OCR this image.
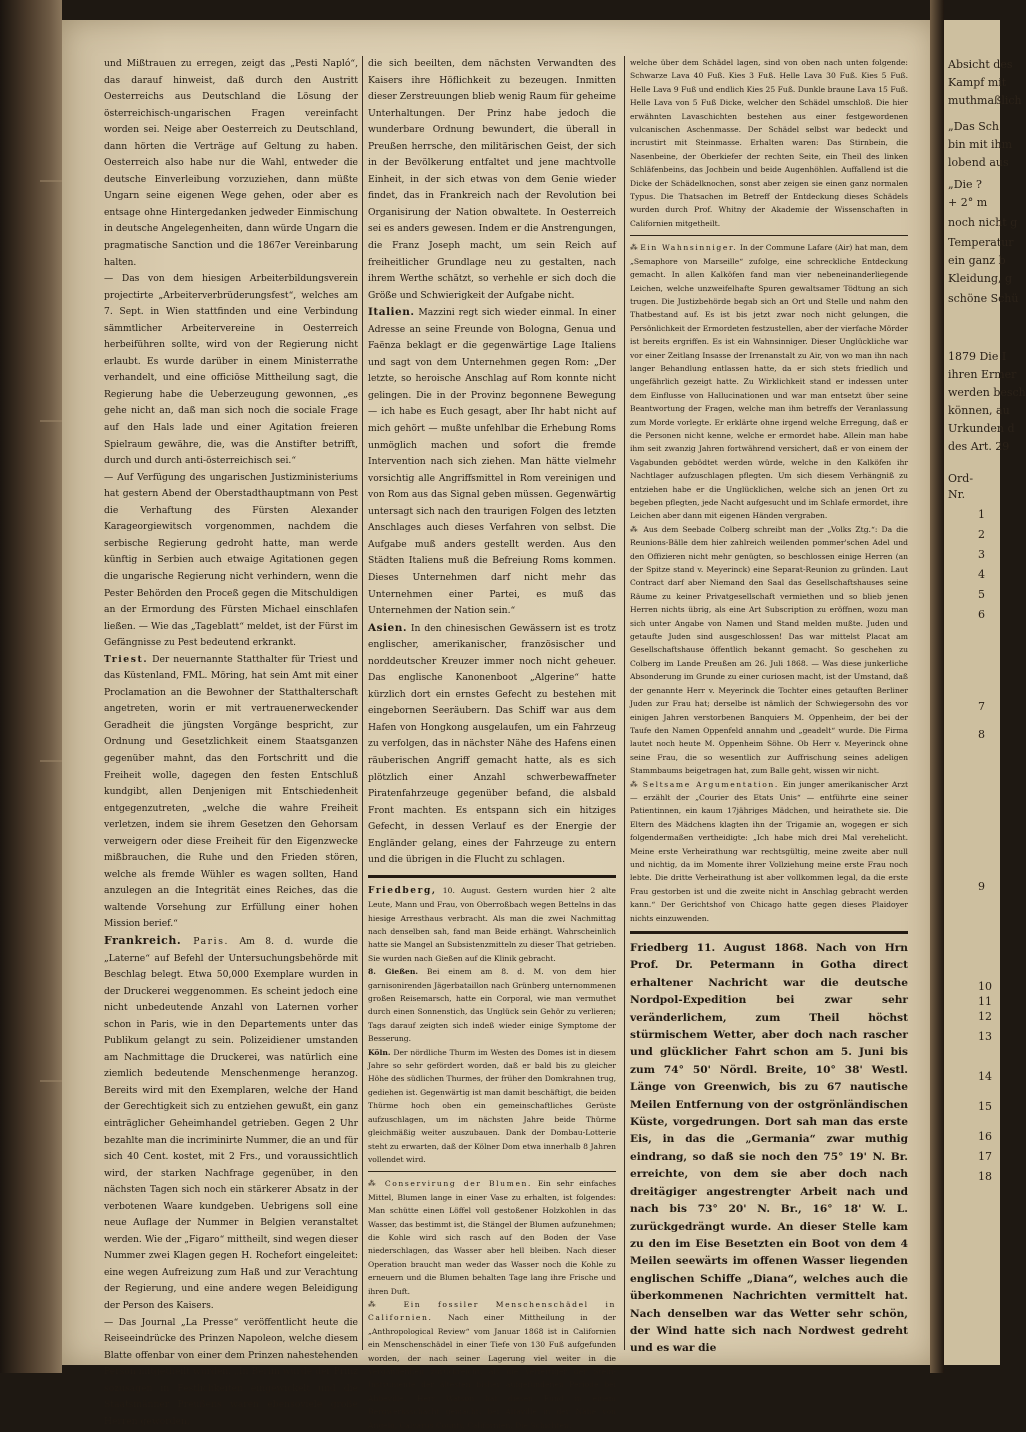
und Mißtrauen zu erregen, zeigt das „Pesti Napló“, das darauf hinweist, daß durch den Austritt Oesterreichs aus Deutschland die Lösung der österreichisch-ungarischen Fragen vereinfacht worden sei. Neige aber Oesterreich zu Deutschland, dann hörten die Verträge auf Geltung zu haben. Oesterreich also habe nur die Wahl, entweder die deutsche Einverleibung vorzuziehen, dann müßte Ungarn seine eigenen Wege gehen, oder aber es entsage ohne Hintergedanken jedweder Einmischung in deutsche Angelegenheiten, dann würde Ungarn die pragmatische Sanction und die 1867er Vereinbarung halten.

— Das von dem hiesigen Arbeiterbildungsverein projectirte „Arbeiterverbrüderungsfest“, welches am 7. Sept. in Wien stattfinden und eine Verbindung sämmtlicher Arbeitervereine in Oesterreich herbeiführen sollte, wird von der Regierung nicht erlaubt. Es wurde darüber in einem Ministerrathe verhandelt, und eine officiöse Mittheilung sagt, die Regierung habe die Ueberzeugung gewonnen, „es gehe nicht an, daß man sich noch die sociale Frage auf den Hals lade und einer Agitation freieren Spielraum gewähre, die, was die Anstifter betrifft, durch und durch anti-österreichisch sei.“

— Auf Verfügung des ungarischen Justizministeriums hat gestern Abend der Oberstadthauptmann von Pest die Verhaftung des Fürsten Alexander Karageorgiewitsch vorgenommen, nachdem die serbische Regierung gedroht hatte, man werde künftig in Serbien auch etwaige Agitationen gegen die ungarische Regierung nicht verhindern, wenn die Pester Behörden den Proceß gegen die Mitschuldigen an der Ermordung des Fürsten Michael einschlafen ließen. — Wie das „Tageblatt“ meldet, ist der Fürst im Gefängnisse zu Pest bedeutend erkrankt.

Triest. Der neuernannte Statthalter für Triest und das Küstenland, FML. Möring, hat sein Amt mit einer Proclamation an die Bewohner der Statthalterschaft angetreten, worin er mit vertrauenerweckender Geradheit die jüngsten Vorgänge bespricht, zur Ordnung und Gesetzlichkeit einem Staatsganzen gegenüber mahnt, das den Fortschritt und die Freiheit wolle, dagegen den festen Entschluß kundgibt, allen Denjenigen mit Entschiedenheit entgegenzutreten, „welche die wahre Freiheit verletzen, indem sie ihrem Gesetzen den Gehorsam verweigern oder diese Freiheit für den Eigenzwecke mißbrauchen, die Ruhe und den Frieden stören, welche als fremde Wühler es wagen sollten, Hand anzulegen an die Integrität eines Reiches, das die waltende Vorsehung zur Erfüllung einer hohen Mission berief.“

Frankreich. Paris. Am 8. d. wurde die „Laterne“ auf Befehl der Untersuchungsbehörde mit Beschlag belegt. Etwa 50,000 Exemplare wurden in der Druckerei weggenommen. Es scheint jedoch eine nicht unbedeutende Anzahl von Laternen vorher schon in Paris, wie in den Departements unter das Publikum gelangt zu sein. Polizeidiener umstanden am Nachmittage die Druckerei, was natürlich eine ziemlich bedeutende Menschenmenge heranzog. Bereits wird mit den Exemplaren, welche der Hand der Gerechtigkeit sich zu entziehen gewußt, ein ganz einträglicher Geheimhandel getrieben. Gegen 2 Uhr bezahlte man die incriminirte Nummer, die an und für sich 40 Cent. kostet, mit 2 Frs., und voraussichtlich wird, der starken Nachfrage gegenüber, in den nächsten Tagen sich noch ein stärkerer Absatz in der verbotenen Waare kundgeben. Uebrigens soll eine neue Auflage der Nummer in Belgien veranstaltet werden. Wie der „Figaro“ mittheilt, sind wegen dieser Nummer zwei Klagen gegen H. Rochefort eingeleitet: eine wegen Aufreizung zum Haß und zur Verachtung der Regierung, und eine andere wegen Beleidigung der Person des Kaisers.

— Das Journal „La Presse“ veröffentlicht heute die Reiseeindrücke des Prinzen Napoleon, welche diesem Blatte offenbar von einer dem Prinzen nahestehenden Person mitgetheilt wurden. „In Berlin wurde der Prinz sozusagen in Festlichkeiten eingewickelt und die Staatsmänner Preußens waren ebensoviele große Herren geworden,

die sich beeilten, dem nächsten Verwandten des Kaisers ihre Höflichkeit zu bezeugen. Inmitten dieser Zerstreuungen blieb wenig Raum für geheime Unterhaltungen. Der Prinz habe jedoch die wunderbare Ordnung bewundert, die überall in Preußen herrsche, den militärischen Geist, der sich in der Bevölkerung entfaltet und jene machtvolle Einheit, in der sich etwas von dem Genie wieder findet, das in Frankreich nach der Revolution bei Organisirung der Nation obwaltete. In Oesterreich sei es anders gewesen. Indem er die Anstrengungen, die Franz Joseph macht, um sein Reich auf freiheitlicher Grundlage neu zu gestalten, nach ihrem Werthe schätzt, so verhehle er sich doch die Größe und Schwierigkeit der Aufgabe nicht.

Italien. Mazzini regt sich wieder einmal. In einer Adresse an seine Freunde von Bologna, Genua und Faënza beklagt er die gegenwärtige Lage Italiens und sagt von dem Unternehmen gegen Rom: „Der letzte, so heroische Anschlag auf Rom konnte nicht gelingen. Die in der Provinz begonnene Bewegung — ich habe es Euch gesagt, aber Ihr habt nicht auf mich gehört — mußte unfehlbar die Erhebung Roms unmöglich machen und sofort die fremde Intervention nach sich ziehen. Man hätte vielmehr vorsichtig alle Angriffsmittel in Rom vereinigen und von Rom aus das Signal geben müssen. Gegenwärtig untersagt sich nach den traurigen Folgen des letzten Anschlages auch dieses Verfahren von selbst. Die Aufgabe muß anders gestellt werden. Aus den Städten Italiens muß die Befreiung Roms kommen. Dieses Unternehmen darf nicht mehr das Unternehmen einer Partei, es muß das Unternehmen der Nation sein.“

Asien. In den chinesischen Gewässern ist es trotz englischer, amerikanischer, französischer und norddeutscher Kreuzer immer noch nicht geheuer. Das englische Kanonenboot „Algerine“ hatte kürzlich dort ein ernstes Gefecht zu bestehen mit eingebornen Seeräubern. Das Schiff war aus dem Hafen von Hongkong ausgelaufen, um ein Fahrzeug zu verfolgen, das in nächster Nähe des Hafens einen räuberischen Angriff gemacht hatte, als es sich plötzlich einer Anzahl schwerbewaffneter Piratenfahrzeuge gegenüber befand, die alsbald Front machten. Es entspann sich ein hitziges Gefecht, in dessen Verlauf es der Energie der Engländer gelang, eines der Fahrzeuge zu entern und die übrigen in die Flucht zu schlagen.

Friedberg, 10. August. Gestern wurden hier 2 alte Leute, Mann und Frau, von Oberroßbach wegen Bettelns in das hiesige Arresthaus verbracht. Als man die zwei Nachmittag nach denselben sah, fand man Beide erhängt. Wahrscheinlich hatte sie Mangel an Subsistenzmitteln zu dieser That getrieben. Sie wurden nach Gießen auf die Klinik gebracht.

8. Gießen. Bei einem am 8. d. M. von dem hier garnisonirenden Jägerbataillon nach Grünberg unternommenen großen Reisemarsch, hatte ein Corporal, wie man vermuthet durch einen Sonnenstich, das Unglück sein Gehör zu verlieren; Tags darauf zeigten sich indeß wieder einige Symptome der Besserung.

Köln. Der nördliche Thurm im Westen des Domes ist in diesem Jahre so sehr gefördert worden, daß er bald bis zu gleicher Höhe des südlichen Thurmes, der früher den Domkrahnen trug, gediehen ist. Gegenwärtig ist man damit beschäftigt, die beiden Thürme hoch oben ein gemeinschaftliches Gerüste aufzuschlagen, um im nächsten Jahre beide Thürme gleichmäßig weiter auszubauen. Dank der Dombau-Lotterie steht zu erwarten, daß der Kölner Dom etwa innerhalb 8 Jahren vollendet wird.

⁂ Conservirung der Blumen. Ein sehr einfaches Mittel, Blumen lange in einer Vase zu erhalten, ist folgendes: Man schütte einen Löffel voll gestoßener Holzkohlen in das Wasser, das bestimmt ist, die Stängel der Blumen aufzunehmen; die Kohle wird sich rasch auf den Boden der Vase niederschlagen, das Wasser aber hell bleiben. Nach dieser Operation braucht man weder das Wasser noch die Kohle zu erneuern und die Blumen behalten Tage lang ihre Frische und ihren Duft.

⁂ Ein fossiler Menschenschädel in Californien. Nach einer Mittheilung in der „Anthropological Review“ vom Januar 1868 ist in Californien ein Menschenschädel in einer Tiefe von 130 Fuß aufgefunden worden, der nach seiner Lagerung viel weiter in die Vergangenheit zurückreicht, als die Verfertiger der Stein-Instrumente der ältesten bisher aufgefundenen Periode bei Abbeville. Herr Watson hat diesen Fund in einem Bergwerksschacht gemacht, bei Altaville in der Nähe von Angelo, Calvarus County, Californien. Die Schichten,

welche über dem Schädel lagen, sind von oben nach unten folgende: Schwarze Lava 40 Fuß. Kies 3 Fuß. Helle Lava 30 Fuß. Kies 5 Fuß. Helle Lava 9 Fuß und endlich Kies 25 Fuß. Dunkle braune Lava 15 Fuß. Helle Lava von 5 Fuß Dicke, welcher den Schädel umschloß. Die hier erwähnten Lavaschichten bestehen aus einer festgewordenen vulcanischen Aschenmasse. Der Schädel selbst war bedeckt und incrustirt mit Steinmasse. Erhalten waren: Das Stirnbein, die Nasenbeine, der Oberkiefer der rechten Seite, ein Theil des linken Schläfenbeins, das Jochbein und beide Augenhöhlen. Auffallend ist die Dicke der Schädelknochen, sonst aber zeigen sie einen ganz normalen Typus. Die Thatsachen im Betreff der Entdeckung dieses Schädels wurden durch Prof. Whitny der Akademie der Wissenschaften in Californien mitgetheilt.

⁂ Ein Wahnsinniger. In der Commune Lafare (Air) hat man, dem „Semaphore von Marseille“ zufolge, eine schreckliche Entdeckung gemacht. In allen Kalköfen fand man vier nebeneinanderliegende Leichen, welche unzweifelhafte Spuren gewaltsamer Tödtung an sich trugen. Die Justizbehörde begab sich an Ort und Stelle und nahm den Thatbestand auf. Es ist bis jetzt zwar noch nicht gelungen, die Persönlichkeit der Ermordeten festzustellen, aber der vierfache Mörder ist bereits ergriffen. Es ist ein Wahnsinniger. Dieser Unglückliche war vor einer Zeitlang Insasse der Irrenanstalt zu Air, von wo man ihn nach langer Behandlung entlassen hatte, da er sich stets friedlich und ungefährlich gezeigt hatte. Zu Wirklichkeit stand er indessen unter dem Einflusse von Hallucinationen und war man entsetzt über seine Beantwortung der Fragen, welche man ihm betreffs der Veranlassung zum Morde vorlegte. Er erklärte ohne irgend welche Erregung, daß er die Personen nicht kenne, welche er ermordet habe. Allein man habe ihm seit zwanzig Jahren fortwährend versichert, daß er von einem der Vagabunden gebödtet werden würde, welche in den Kalköfen ihr Nachtlager aufzuschlagen pflegten. Um sich diesem Verhängniß zu entziehen habe er die Unglücklichen, welche sich an jenen Ort zu begeben pflegten, jede Nacht aufgesucht und im Schlafe ermordet, ihre Leichen aber dann mit eigenen Händen vergraben.

⁂ Aus dem Seebade Colberg schreibt man der „Volks Ztg.“: Da die Reunions-Bälle dem hier zahlreich weilenden pommer'schen Adel und den Offizieren nicht mehr genügten, so beschlossen einige Herren (an der Spitze stand v. Meyerinck) eine Separat-Reunion zu gründen. Laut Contract darf aber Niemand den Saal das Gesellschaftshauses seine Räume zu keiner Privatgesellschaft vermiethen und so blieb jenen Herren nichts übrig, als eine Art Subscription zu eröffnen, wozu man sich unter Angabe von Namen und Stand melden mußte. Juden und getaufte Juden sind ausgeschlossen! Das war mittelst Placat am Gesellschaftshause öffentlich bekannt gemacht. So geschehen zu Colberg im Lande Preußen am 26. Juli 1868. — Was diese junkerliche Absonderung im Grunde zu einer curiosen macht, ist der Umstand, daß der genannte Herr v. Meyerinck die Tochter eines getauften Berliner Juden zur Frau hat; derselbe ist nämlich der Schwiegersohn des vor einigen Jahren verstorbenen Banquiers M. Oppenheim, der bei der Taufe den Namen Oppenfeld annahm und „geadelt“ wurde. Die Firma lautet noch heute M. Oppenheim Söhne. Ob Herr v. Meyerinck ohne seine Frau, die so wesentlich zur Auffrischung seines adeligen Stammbaums beigetragen hat, zum Balle geht, wissen wir nicht.

⁂ Seltsame Argumentation. Ein junger amerikanischer Arzt — erzählt der „Courier des Etats Unis“ — entführte eine seiner Patientinnen, ein kaum 17jähriges Mädchen, und heirathete sie. Die Eltern des Mädchens klagten ihn der Trigamie an, wogegen er sich folgendermaßen vertheidigte: „Ich habe mich drei Mal verehelicht. Meine erste Verheirathung war rechtsgültig, meine zweite aber null und nichtig, da im Momente ihrer Vollziehung meine erste Frau noch lebte. Die dritte Verheirathung ist aber vollkommen legal, da die erste Frau gestorben ist und die zweite nicht in Anschlag gebracht werden kann.“ Der Gerichtshof von Chicago hatte gegen dieses Plaidoyer nichts einzuwenden.

Friedberg 11. August 1868. Nach von Hrn Prof. Dr. Petermann in Gotha direct erhaltener Nachricht war die deutsche Nordpol-Expedition bei zwar sehr veränderlichem, zum Theil höchst stürmischem Wetter, aber doch nach rascher und glücklicher Fahrt schon am 5. Juni bis zum 74° 50' Nördl. Breite, 10° 38' Westl. Länge von Greenwich, bis zu 67 nautische Meilen Entfernung von der ostgrönländischen Küste, vorgedrungen. Dort sah man das erste Eis, in das die „Germania“ zwar muthig eindrang, so daß sie noch den 75° 19' N. Br. erreichte, von dem sie aber doch nach dreitägiger angestrengter Arbeit nach und nach bis 73° 20' N. Br., 16° 18' W. L. zurückgedrängt wurde. An dieser Stelle kam zu den im Eise Besetzten ein Boot von dem 4 Meilen seewärts im offenen Wasser liegenden englischen Schiffe „Diana“, welches auch die überkommenen Nachrichten vermittelt hat. Nach denselben war das Wetter sehr schön, der Wind hatte sich nach Nordwest gedreht und es war die

Absicht des
Kampf mit
muthmaßlich
„Das Sch
bin mit ihm
lobend aus
„Die ?
+ 2° m
noch nicht g
Temperatur
ein ganz b
Kleidung, g
schöne Schü
1879 Die I
ihren Ermer
werden besch
können, au
Urkunden d
des Art. 29
Ord-
Nr.
1
2
3
4
5
6
7
8
9
10
11
12
13
14
15
16
17
18
